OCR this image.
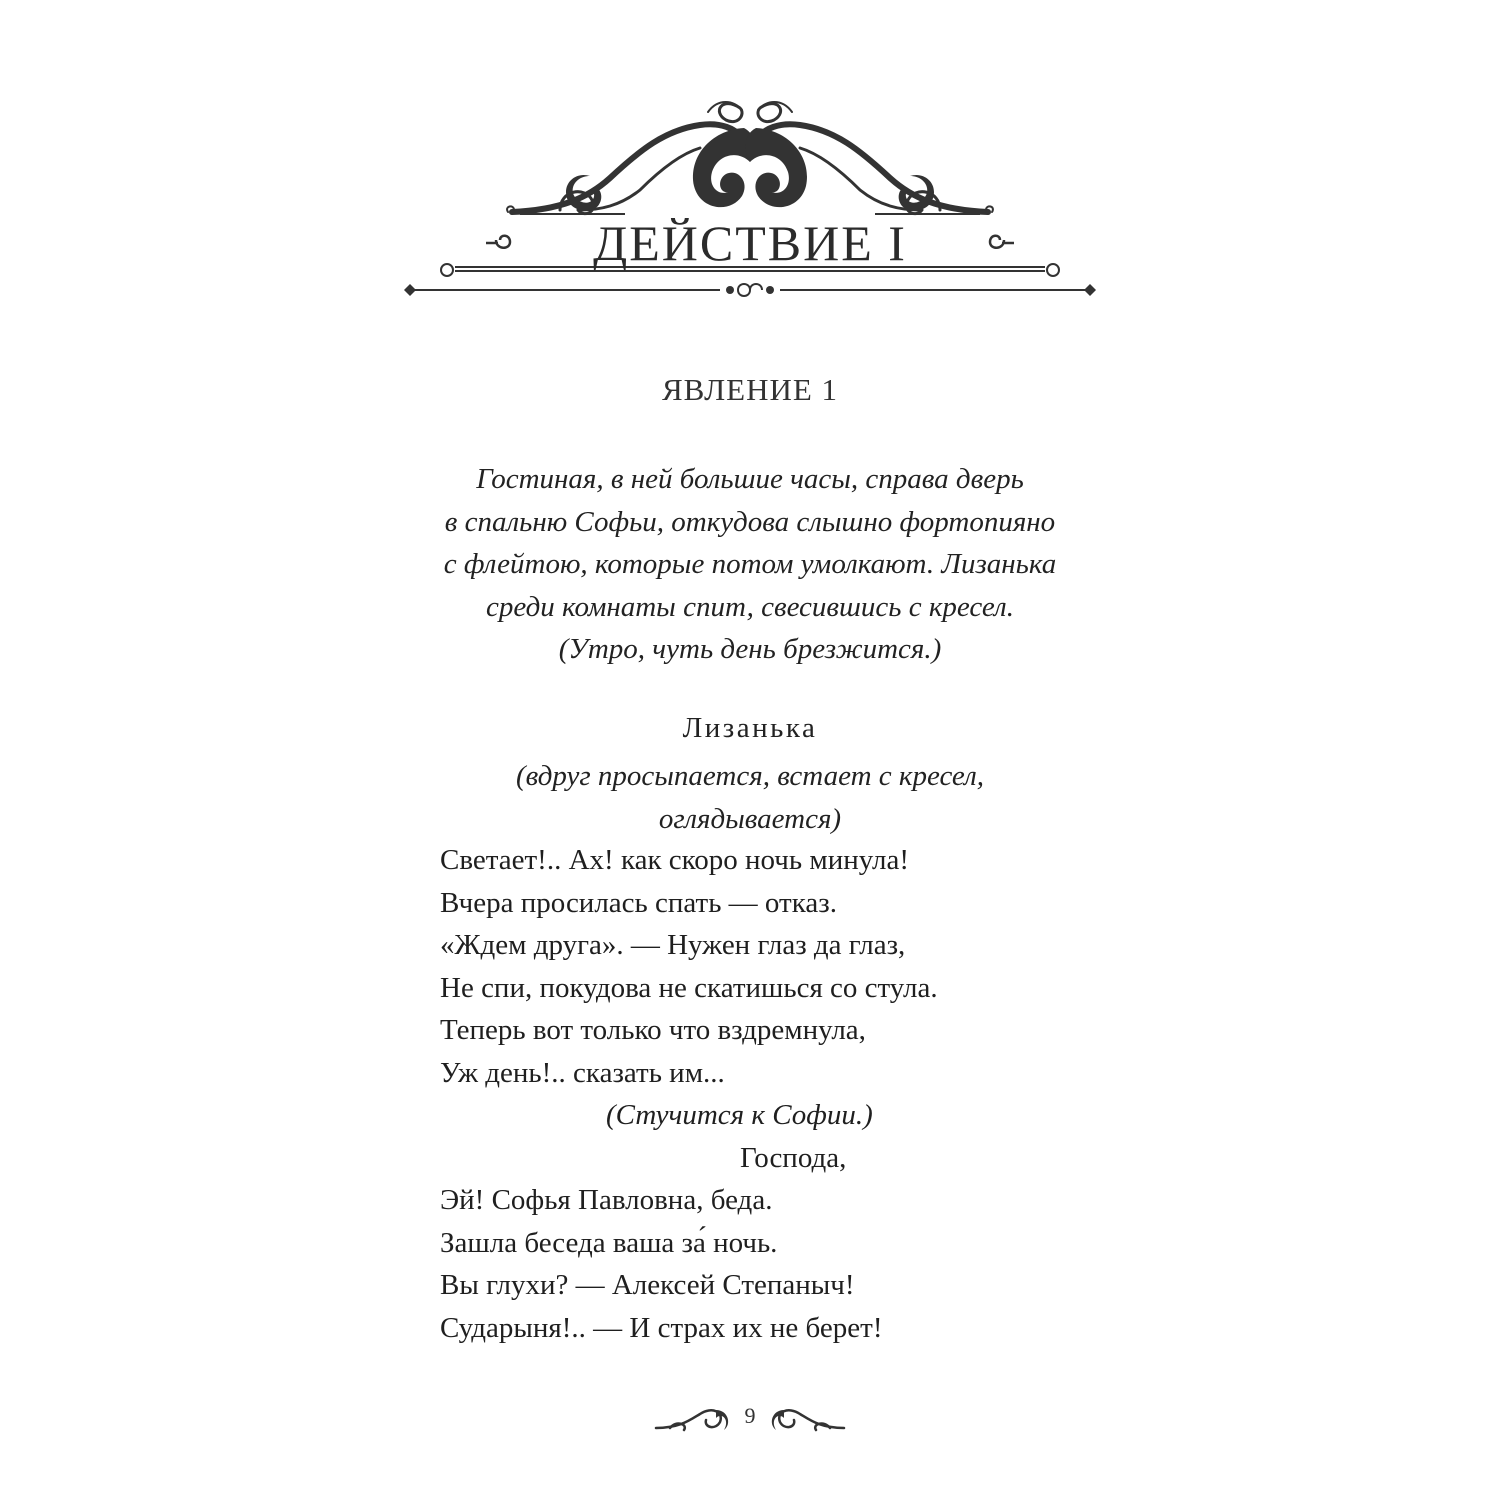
ДЕЙСТВИЕ I
ЯВЛЕНИЕ 1
Гостиная, в ней большие часы, справа дверь
в спальню Софьи, откудова слышно фортопияно
с флейтою, которые потом умолкают. Лизанька
среди комнаты спит, свесившись с кресел.
(Утро, чуть день брезжится.)
Лизанька
(вдруг просыпается, встает с кресел,
оглядывается)
Светает!.. Ах! как скоро ночь минула!
Вчера просилась спать — отказ.
«Ждем друга». — Нужен глаз да глаз,
Не спи, покудова не скатишься со стула.
Теперь вот только что вздремнула,
Уж день!.. сказать им...
(Стучится к Софии.)
Господа,
Эй! Софья Павловна, беда.
Зашла беседа ваша за́ ночь.
Вы глухи? — Алексей Степаныч!
Сударыня!.. — И страх их не берет!
9
